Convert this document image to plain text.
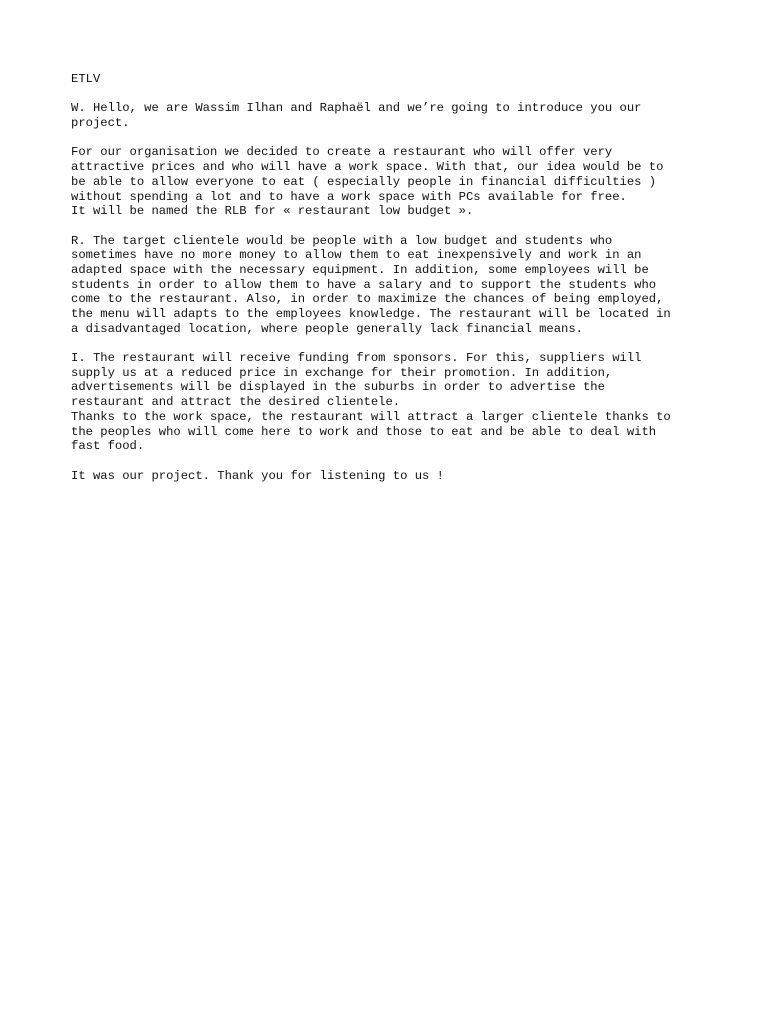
ETLV
W. Hello, we are Wassim Ilhan and Raphaël and we’re going to introduce you our
project.
For our organisation we decided to create a restaurant who will offer very
attractive prices and who will have a work space. With that, our idea would be to
be able to allow everyone to eat ( especially people in financial difficulties )
without spending a lot and to have a work space with PCs available for free.
It will be named the RLB for « restaurant low budget ».
R. The target clientele would be people with a low budget and students who
sometimes have no more money to allow them to eat inexpensively and work in an
adapted space with the necessary equipment. In addition, some employees will be
students in order to allow them to have a salary and to support the students who
come to the restaurant. Also, in order to maximize the chances of being employed,
the menu will adapts to the employees knowledge. The restaurant will be located in
a disadvantaged location, where people generally lack financial means.
I. The restaurant will receive funding from sponsors. For this, suppliers will
supply us at a reduced price in exchange for their promotion. In addition,
advertisements will be displayed in the suburbs in order to advertise the
restaurant and attract the desired clientele.
Thanks to the work space, the restaurant will attract a larger clientele thanks to
the peoples who will come here to work and those to eat and be able to deal with
fast food.
It was our project. Thank you for listening to us !
